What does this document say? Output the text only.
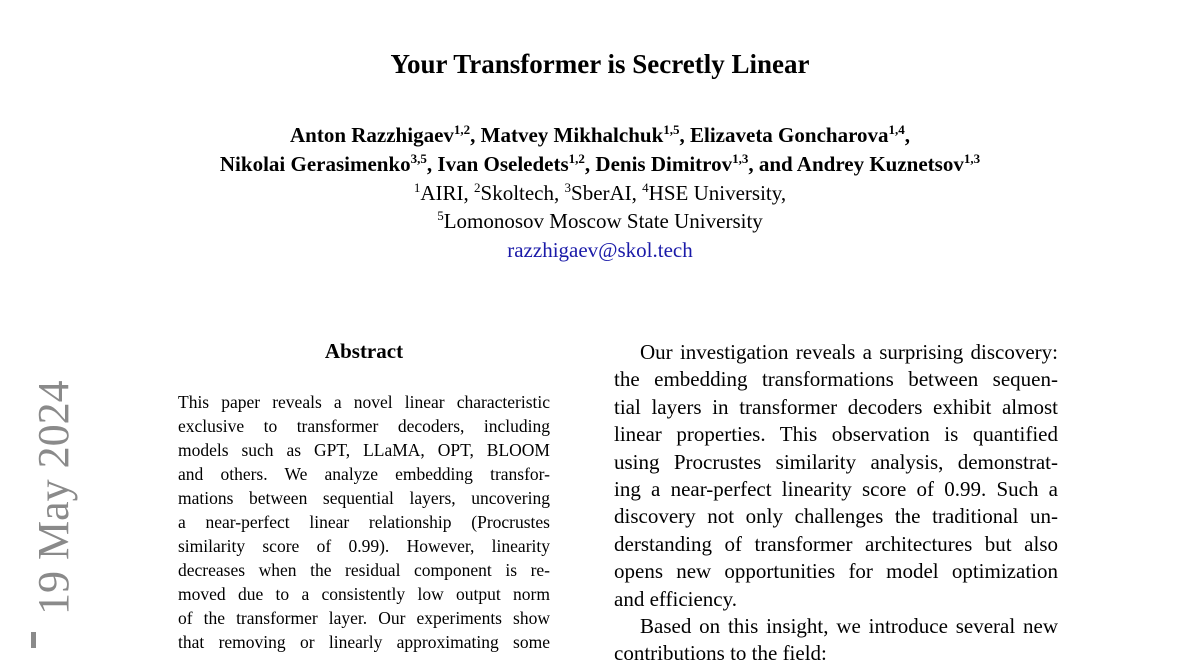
Your Transformer is Secretly Linear
Anton Razzhigaev$^{1,2}$, Matvey Mikhalchuk$^{1,5}$, Elizaveta Goncharova$^{1,4}$,
Nikolai Gerasimenko$^{3,5}$, Ivan Oseledets$^{1,2}$, Denis Dimitrov$^{1,3}$, and Andrey Kuznetsov$^{1,3}$
$^1$AIRI, $^2$Skoltech, $^3$SberAI, $^4$HSE University,
$^5$Lomonosov Moscow State University
razzhigaev@skol.tech
19 May 2024
Abstract
This paper reveals a novel linear characteristic
exclusive to transformer decoders, including
models such as GPT, LLaMA, OPT, BLOOM
and others. We analyze embedding transfor-
mations between sequential layers, uncovering
a near-perfect linear relationship (Procrustes
similarity score of 0.99). However, linearity
decreases when the residual component is re-
moved due to a consistently low output norm
of the transformer layer. Our experiments show
that removing or linearly approximating some
Our investigation reveals a surprising discovery:
the embedding transformations between sequen-
tial layers in transformer decoders exhibit almost
linear properties. This observation is quantified
using Procrustes similarity analysis, demonstrat-
ing a near-perfect linearity score of 0.99. Such a
discovery not only challenges the traditional un-
derstanding of transformer architectures but also
opens new opportunities for model optimization
and efficiency.
Based on this insight, we introduce several new
contributions to the field:
